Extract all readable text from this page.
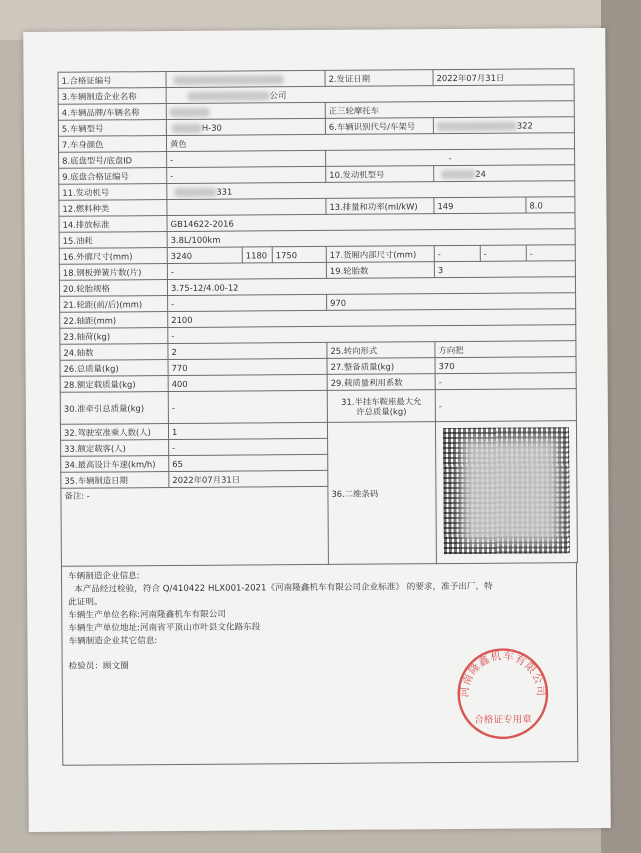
1.合格证编号				2.发证日期	2022年07月31日		
3.车辆制造企业名称	公司						
4.车辆品牌/车辆名称				正三轮摩托车			
5.车辆型号	H-30			6.车辆识别代号/车架号	322		
7.车身颜色	黄色						
8.底盘型号/底盘ID	-			-			
9.底盘合格证编号	-			10.发动机型号	24		
11.发动机号	331						
12.燃料种类				13.排量和功率(ml/kW)	149		8.0
14.排放标准	GB14622-2016						
15.油耗	3.8L/100km						
16.外廓尺寸(mm)	3240	1180	1750	17.货厢内部尺寸(mm)	-	-	-
18.钢板弹簧片数(片)	-			19.轮胎数	3		
20.轮胎规格	3.75-12/4.00-12						
21.轮距(前/后)(mm)	-			970			
22.轴距(mm)	2100						
23.轴荷(kg)	-						
24.轴数	2			25.转向形式	方向把		
26.总质量(kg)	770			27.整备质量(kg)	370		
28.额定载质量(kg)	400			29.载质量利用系数	-		
30.准牵引总质量(kg)	-			31.半挂车鞍座最大允
许总质量(kg)	-		
32.驾驶室准乘人数(人)	1			36.二维条码			

33.额定载客(人)	-						
34.最高设计车速(km/h)	65						
35.车辆制造日期	2022年07月31日						
备注: -							

车辆制造企业信息:

本产品经过检验，符合 Q/410422 HLX001-2021《河南隆鑫机车有限公司企业标准》 的要求，准予出厂，特

此证明。

车辆生产单位名称:河南隆鑫机车有限公司

车辆生产单位地址:河南省平顶山市叶县文化路东段

车辆制造企业其它信息:

检验员：顾文圈

河南隆鑫机车有限公司
合格证专用章
